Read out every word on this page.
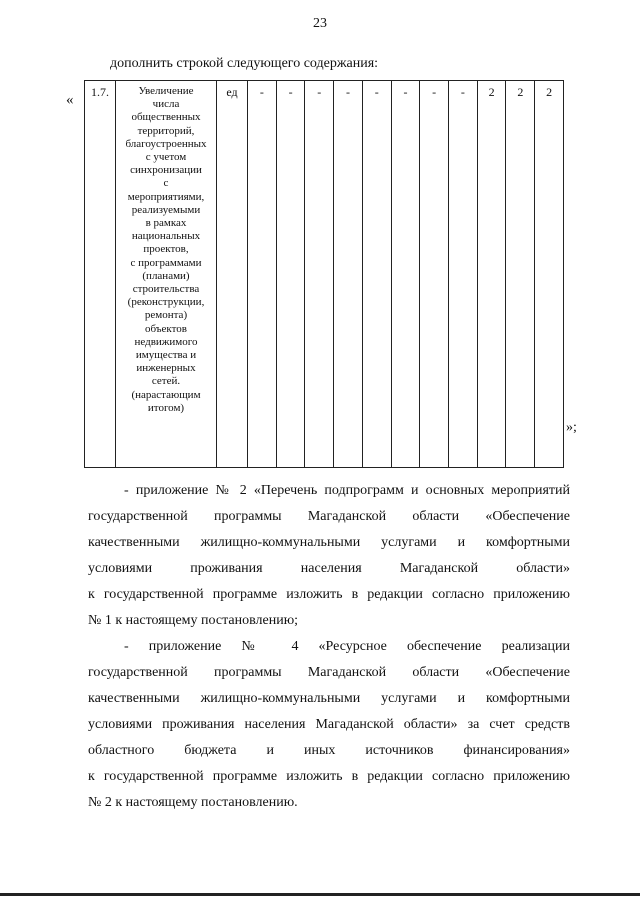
23
дополнить строкой следующего содержания:
« 1.7.	Увеличение
числа
общественных
территорий,
благоустроенных
с учетом
синхронизации
с
мероприятиями,
реализуемыми
в рамках
национальных
проектов,
с программами
(планами)
строительства
(реконструкции,
ремонта)
объектов
недвижимого
имущества и
инженерных
сетей.
(нарастающим
итогом)
	ед	-	-	-	-	-	-	-	-	2	2	2
»;
- приложение № 2 «Перечень подпрограмм и основных мероприятий
государственной программы Магаданской области «Обеспечение
качественными жилищно-коммунальными услугами и комфортными
условиями проживания населения Магаданской области»
к государственной программе изложить в редакции согласно приложению
№ 1 к настоящему постановлению;
- приложение № 4 «Ресурсное обеспечение реализации
государственной программы Магаданской области «Обеспечение
качественными жилищно-коммунальными услугами и комфортными
условиями проживания населения Магаданской области» за счет средств
областного бюджета и иных источников финансирования»
к государственной программе изложить в редакции согласно приложению
№ 2 к настоящему постановлению.
